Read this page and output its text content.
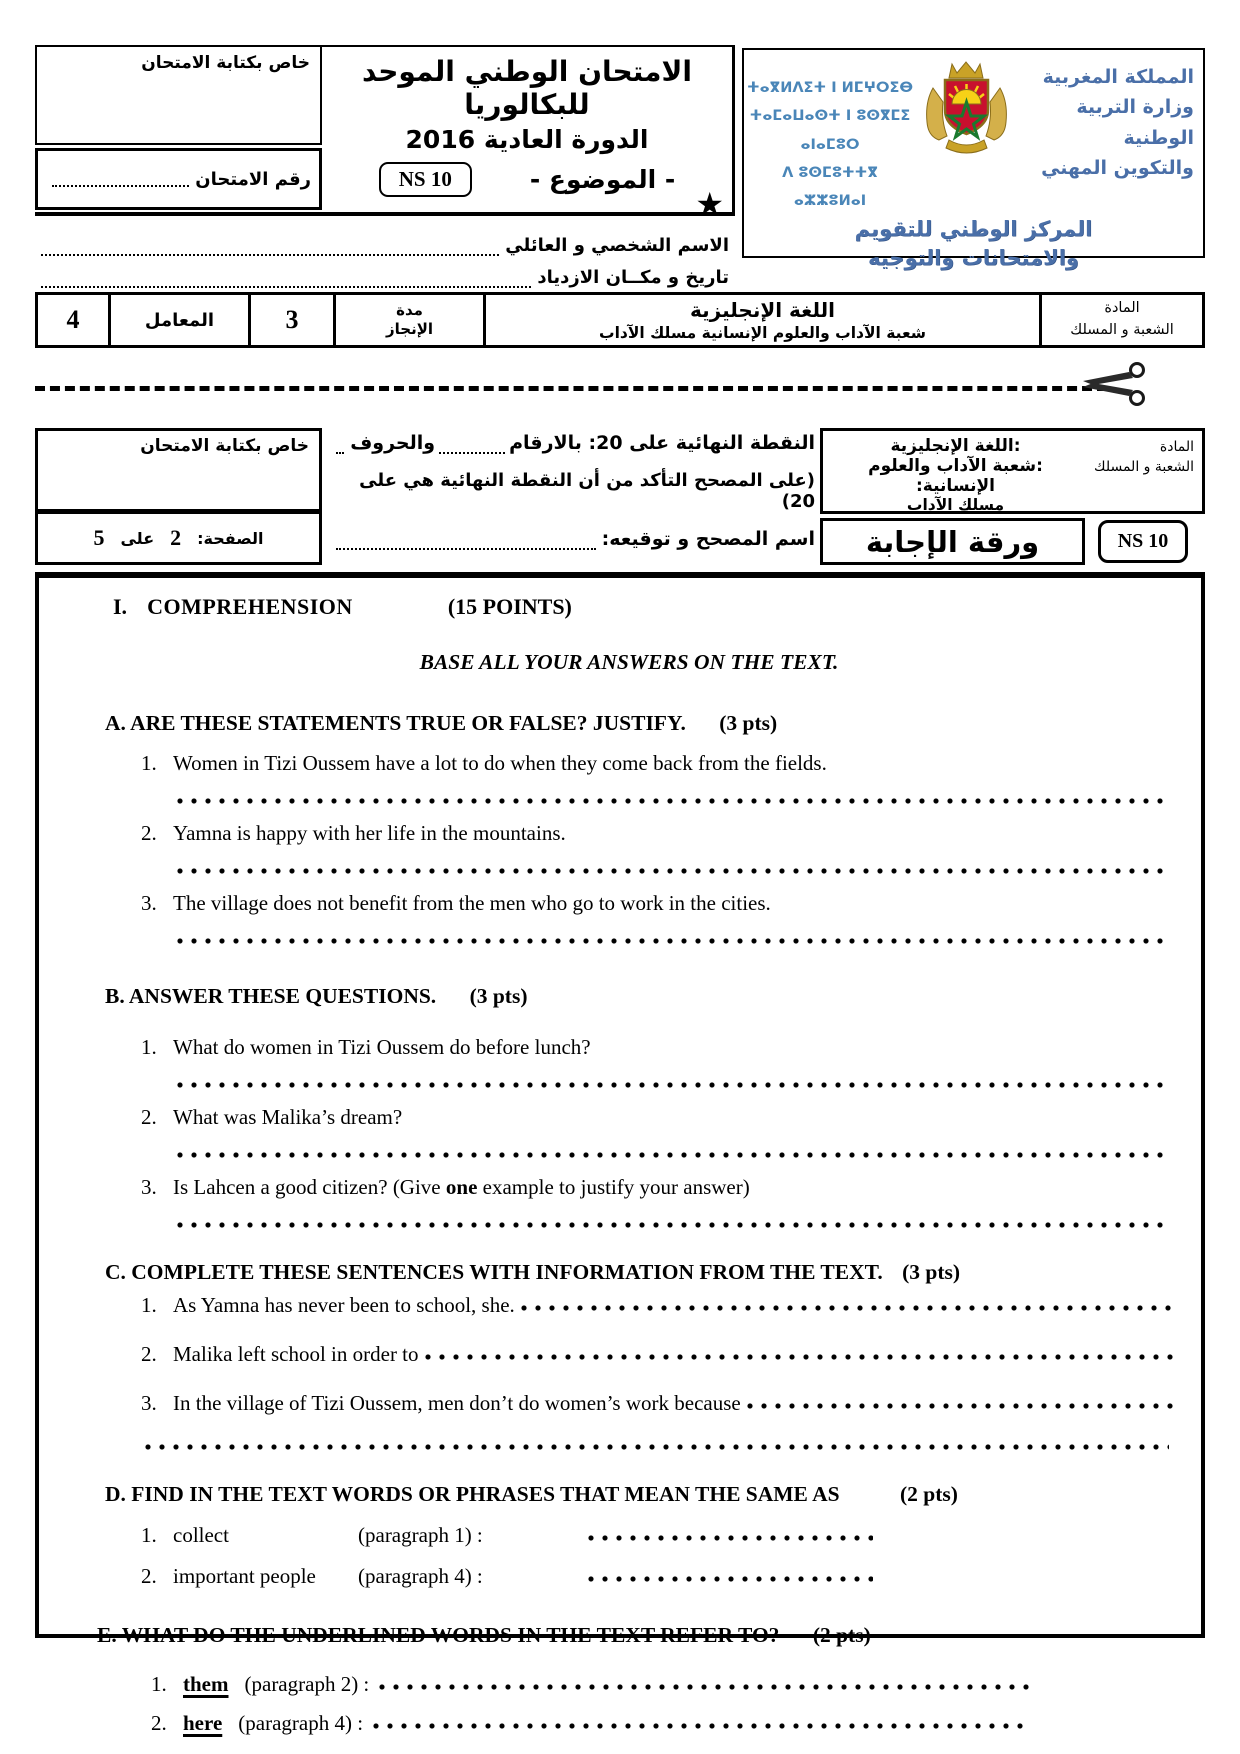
خاص بكتابة الامتحان
رقم الامتحان
الامتحان الوطني الموحد للبكالوريا
الدورة العادية 2016
- الموضوع -
NS 10
★
ⵜⴰⴳⵍⴷⵉⵜ ⵏ ⵍⵎⵖⵔⵉⴱ
ⵜⴰⵎⴰⵡⴰⵙⵜ ⵏ ⵓⵙⴳⵎⵉ ⴰⵏⴰⵎⵓⵔ
ⴷ ⵓⵙⵎⵓⵜⵜⴳ ⴰⵣⵣⵓⵍⴰⵏ
المملكة المغربية
وزارة التربية الوطنية
والتكوين المهني
المركز الوطني للتقويم
والامتحانات والتوجيه
الاسم الشخصي و العائلي
تاريخ و مكــان الازدياد
4	المعامل	3	مدة
الإنجاز
اللغة الإنجليزية
شعبة الآداب والعلوم الإنسانية مسلك الآداب
المادة
الشعبة و المسلك
خاص بكتابة الامتحان
الصفحة:
2
على
5
النقطة النهائية على 20: بالارقام
والحروف
(على المصحح التأكد من أن النقطة النهائية هي على 20)
اسم المصحح و توقيعه:
المادة
:اللغة الإنجليزية
الشعبة و المسلك
:شعبة الآداب والعلوم الإنسانية:
مسلك الآداب
ورقة الإجابة	NS 10
I. COMPREHENSION	(15 POINTS)
BASE ALL YOUR ANSWERS ON THE TEXT.
A. ARE THESE STATEMENTS TRUE OR FALSE? JUSTIFY. (3 pts)
1. Women in Tizi Oussem have a lot to do when they come back from the fields.
2. Yamna is happy with her life in the mountains.
3. The village does not benefit from the men who go to work in the cities.
B. ANSWER THESE QUESTIONS. (3 pts)
1. What do women in Tizi Oussem do before lunch?
2. What was Malika’s dream?
3. Is Lahcen a good citizen? (Give one example to justify your answer)
C. COMPLETE THESE SENTENCES WITH INFORMATION FROM THE TEXT. (3 pts)
1. As Yamna has never been to school, she.
2. Malika left school in order to
3. In the village of Tizi Oussem, men don’t do women’s work because
D. FIND IN THE TEXT WORDS OR PHRASES THAT MEAN THE SAME AS	(2 pts)
1. collect	(paragraph 1) :
2. important people	(paragraph 4) :
E. WHAT DO THE UNDERLINED WORDS IN THE TEXT REFER TO? (2 pts)
1. them (paragraph 2) :
2. here (paragraph 4) :
